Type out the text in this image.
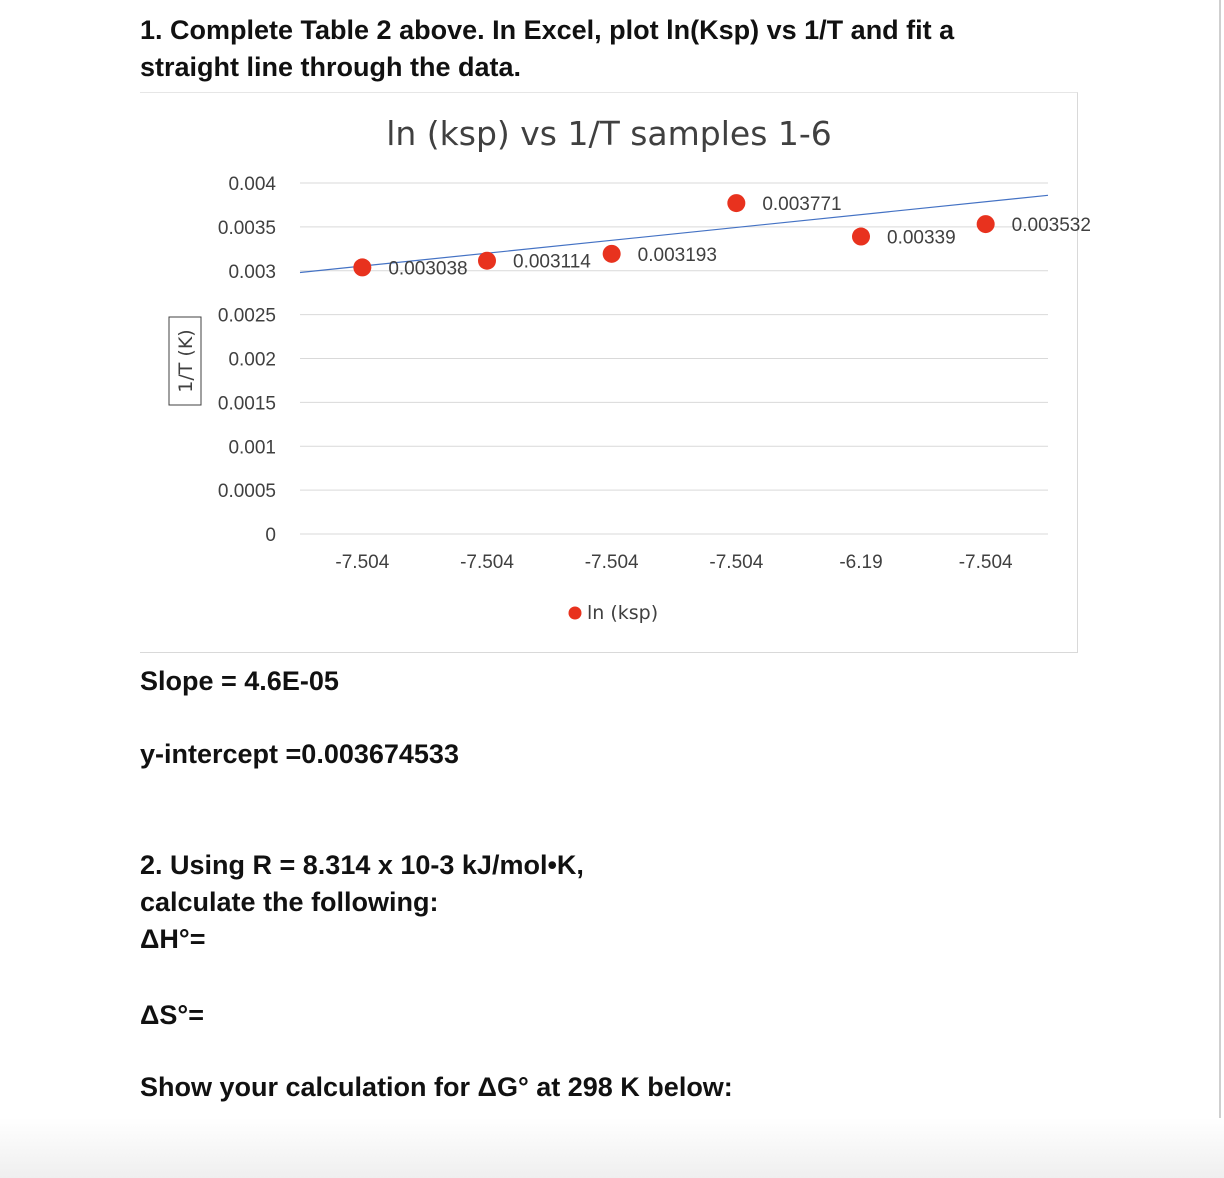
1. Complete Table 2 above. In Excel, plot ln(Ksp) vs 1/T and fit a

straight line through the data.

0.004
0.0035
0.003
0.0025
0.002
0.0015
0.001
0.0005
0
-7.504	-7.504	-7.504	-7.504	-6.19	-7.504
1/T (K)
ln (ksp) vs 1/T samples 1-6
0.003038 0.003114 0.003193
0.003771
0.00339
0.003532
ln (ksp)

Slope = 4.6E-05

y-intercept =0.003674533

2. Using R = 8.314 x 10-3 kJ/mol•K,

calculate the following:

ΔH°=

ΔS°=

Show your calculation for ΔG° at 298 K below:
